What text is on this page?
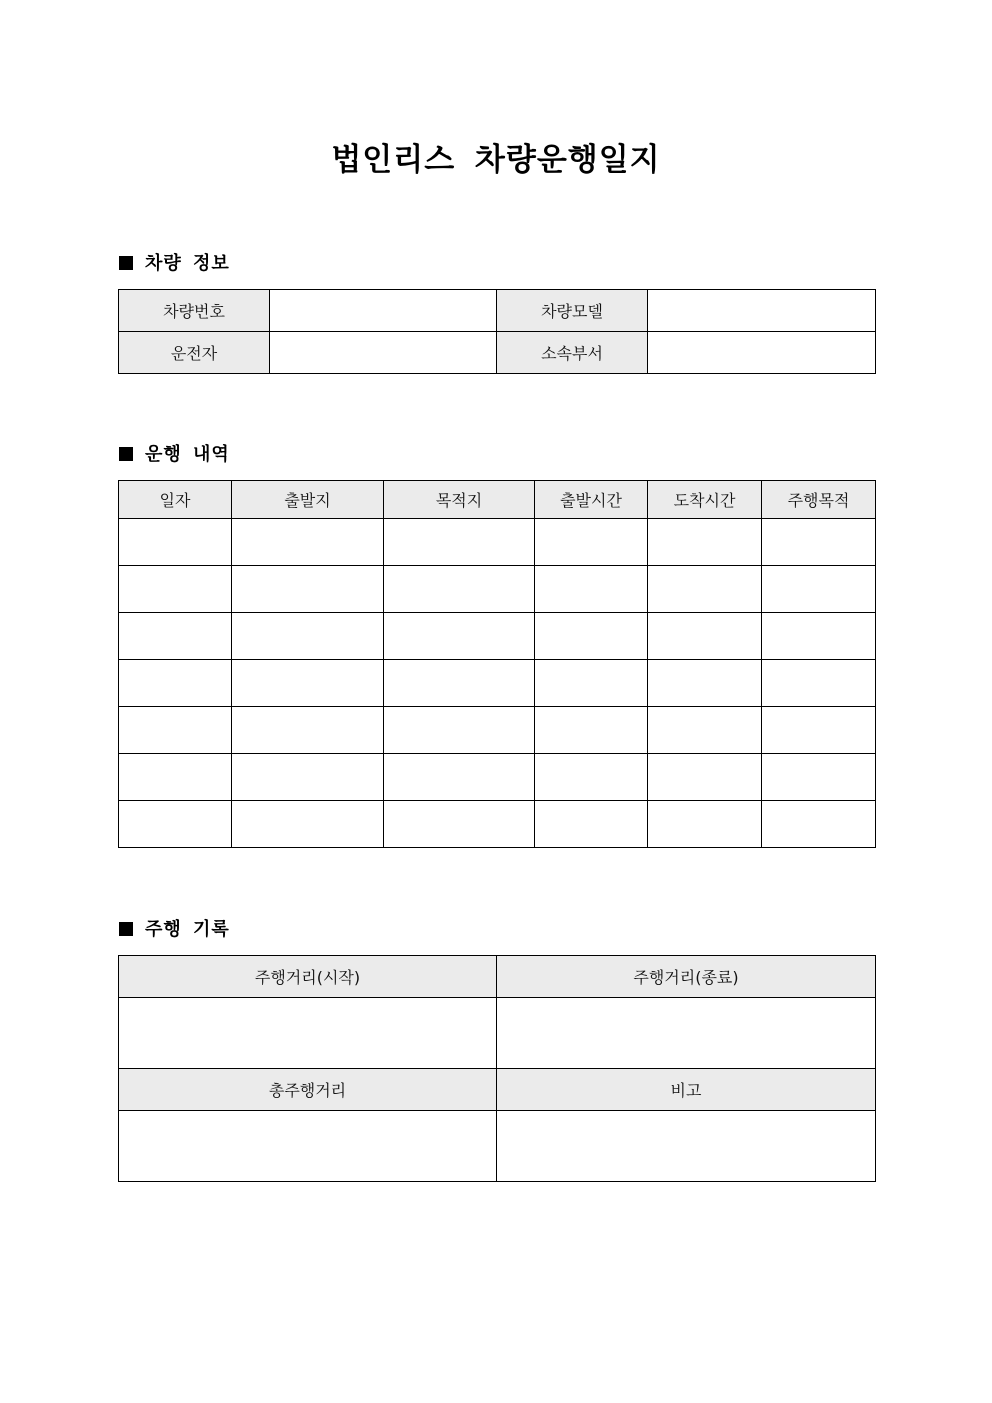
법인리스 차량운행일지
차량 정보
차량번호		차량모델	
운전자		소속부서	
운행 내역
일자	출발지	목적지	출발시간	도착시간	주행목적

주행 기록
주행거리(시작)	주행거리(종료)

총주행거리	비고
